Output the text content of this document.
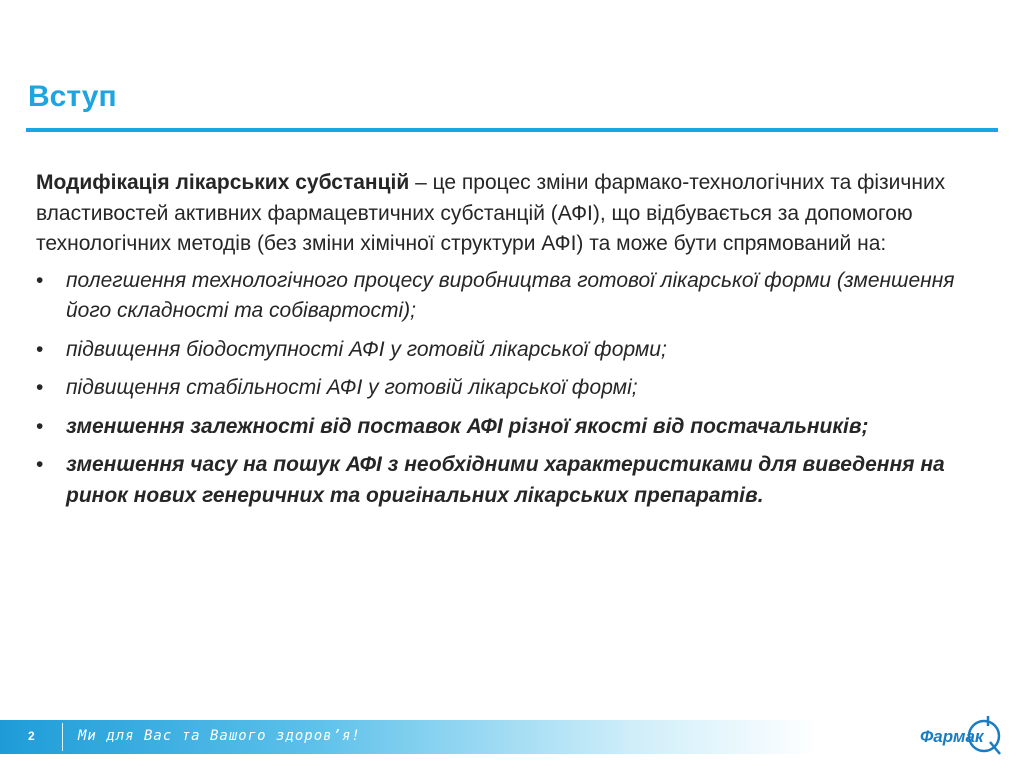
Вступ

Модифікація лікарських субстанцій – це процес зміни фармако-технологічних та фізичних властивостей активних фармацевтичних субстанцій (АФІ), що відбувається за допомогою технологічних методів (без зміни хімічної структури АФІ) та може бути спрямований на:

• полегшення технологічного процесу виробництва готової лікарської форми (зменшення його складності та собівартості);
• підвищення біодоступності АФІ у готовій лікарської форми;
• підвищення стабільності АФІ у готовій лікарської формі;
• зменшення залежності від поставок АФІ різної якості від постачальників;
• зменшення часу на пошук АФІ з необхідними характеристиками для виведення на ринок нових генеричних та оригінальних лікарських препаратів.
2	Ми для Вас та Вашого здоров’я!	Фармак
